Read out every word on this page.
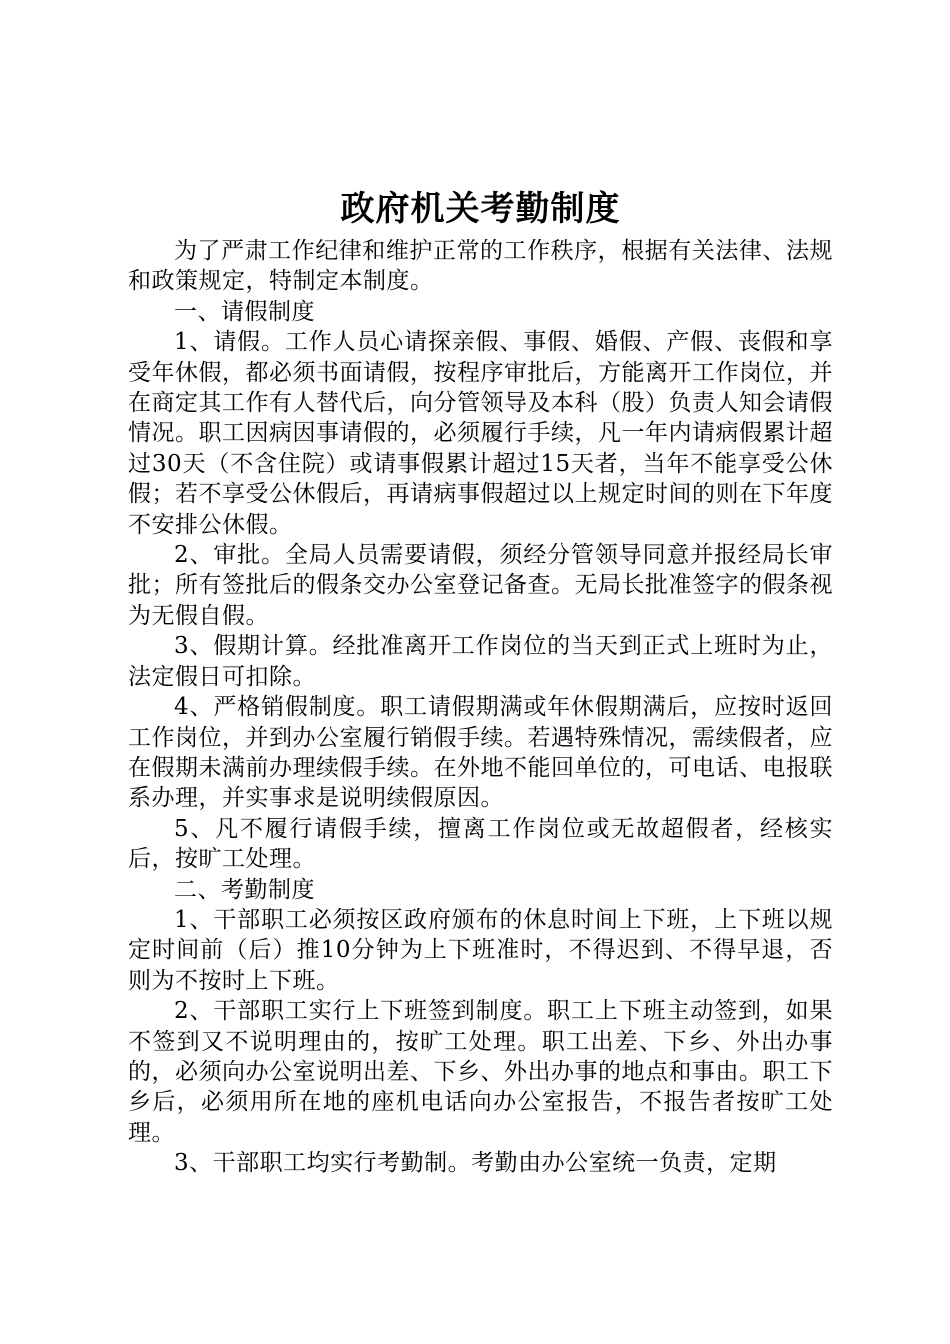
政府机关考勤制度

为了严肃工作纪律和维护正常的工作秩序，根据有关法律、法规和政策规定，特制定本制度。

一、请假制度

1、请假。工作人员心请探亲假、事假、婚假、产假、丧假和享受年休假，都必须书面请假，按程序审批后，方能离开工作岗位，并在商定其工作有人替代后，向分管领导及本科（股）负责人知会请假情况。职工因病因事请假的，必须履行手续，凡一年内请病假累计超过30天（不含住院）或请事假累计超过15天者，当年不能享受公休假；若不享受公休假后，再请病事假超过以上规定时间的则在下年度不安排公休假。

2、审批。全局人员需要请假，须经分管领导同意并报经局长审批；所有签批后的假条交办公室登记备查。无局长批准签字的假条视为无假自假。

3、假期计算。经批准离开工作岗位的当天到正式上班时为止，法定假日可扣除。

4、严格销假制度。职工请假期满或年休假期满后，应按时返回工作岗位，并到办公室履行销假手续。若遇特殊情况，需续假者，应在假期未满前办理续假手续。在外地不能回单位的，可电话、电报联系办理，并实事求是说明续假原因。

5、凡不履行请假手续，擅离工作岗位或无故超假者，经核实后，按旷工处理。

二、考勤制度

1、干部职工必须按区政府颁布的休息时间上下班，上下班以规定时间前（后）推10分钟为上下班准时，不得迟到、不得早退，否则为不按时上下班。

2、干部职工实行上下班签到制度。职工上下班主动签到，如果不签到又不说明理由的，按旷工处理。职工出差、下乡、外出办事的，必须向办公室说明出差、下乡、外出办事的地点和事由。职工下乡后，必须用所在地的座机电话向办公室报告，不报告者按旷工处理。

3、干部职工均实行考勤制。考勤由办公室统一负责，定期
